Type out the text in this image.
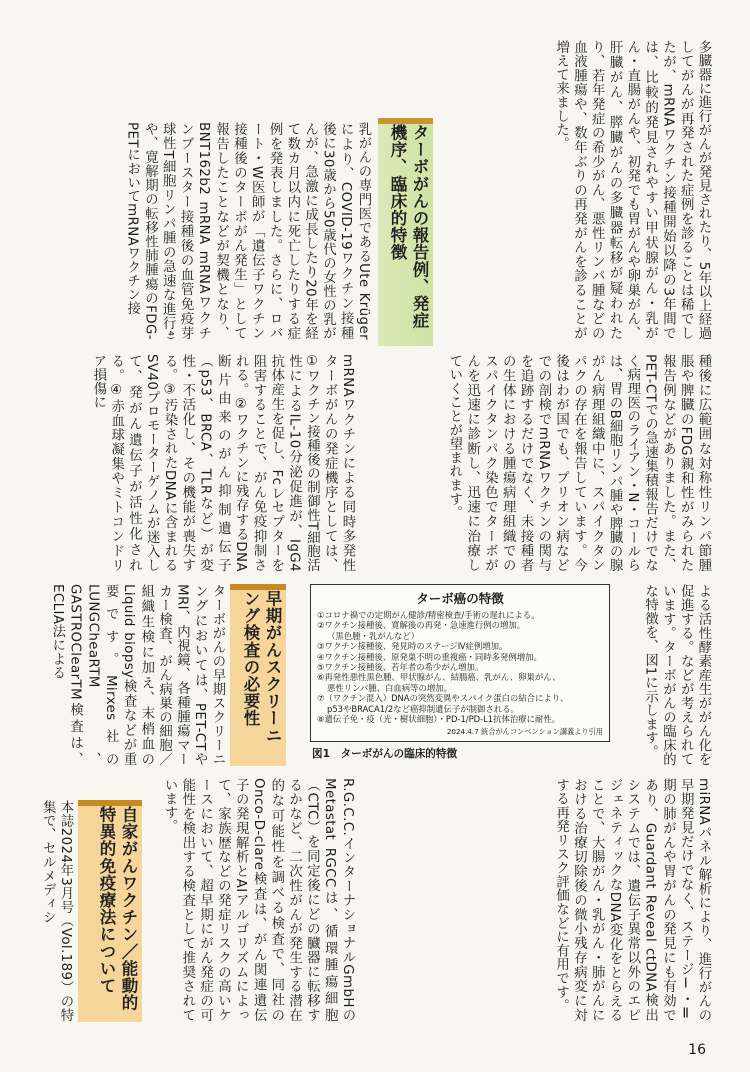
多臓器に進行がんが発見されたり、5年以上経過してがんが再発された症例を診ることは稀でしたが、mRNAワクチン接種開始以降の3年間では、比較的発見されやすい甲状腺がん・乳がん・直腸がんや、初発でも胃がんや卵巣がん、肝臓がん、膵臓がんの多臓器転移が疑われたり、若年発症の希少がん、悪性リンパ腫などの血液腫瘍や、数年ぶりの再発がんを診ることが増えて来ました。

ターボがんの報告例、発症機序、臨床的特徴

乳がんの専門医であるUte Krügerにより、COVID-19ワクチン接種後に30歳から50歳代の女性の乳がんが、急激に成長したり20年を経て数カ月以内に死亡したりする症例を発表しました。さらに、ロバート・W医師が「遺伝子ワクチン接種後のターボがん発生」として報告したことなどが契機となり、BNT162b2 mRNA mRNAワクチンブースター接種後の血管免疫芽球性T細胞リンパ腫の急速な進行⁴⁾や、寛解期の転移性肺腫瘍のFDG-PETにおいてmRNAワクチン接

種後に広範囲な対称性リンパ節腫脹や脾臓のFDG親和性がみられた報告例などがありました。また、PET-CTでの急速集積報告だけでなく病理医のライアン・N・コールらは、胃のB細胞リンパ腫や脾臓の腺がん病理組織中に、スパイクタンパクの存在を報告しています。今後はわが国でも、プリオン病などでの剖検でmRNAワクチンの関与を追跡するだけでなく、未接種者の生体における腫瘍病理組織でのスパイクタンパク染色でターボがんを迅速に診断し、迅速に治療していくことが望まれます。

mRNAワクチンによる同時多発性ターボがんの発症機序としては、①ワクチン接種後の制御性T細胞活性によるIL-10分泌促進が、IgG4抗体産生を促し、Fcレセプターを阻害することで、がん免疫抑制される。②ワクチンに残存するDNA断片由来のがん抑制遺伝子（p53、BRCA、TLRなど）が変性・不活化し、その機能が喪失する。③汚染されたDNAに含まれるSV40プロモーターゲノムが迷入して、発がん遺伝子が活性化される。④赤血球凝集やミトコンドリア損傷に

よる活性酵素産生ががん化を促進する。などが考えられています。ターボがんの臨床的な特徴を、図1に示します。

ターボ癌の特徴
①コロナ禍での定期がん健診/精密検査/手術の遅れによる。
②ワクチン接種後、寛解後の再発・急速進行例の増加。
（黒色腫・乳がんなど）
③ワクチン接種後、発見時のステージⅣ症例増加。
④ワクチン接種後、原発巣不明の重複癌・同時多発例増加。
⑤ワクチン接種後、若年者の希少がん増加。
⑥再発性悪性黒色腫、甲状腺がん、結腸癌、乳がん、卵巣がん、
悪性リンパ腫、白血病等の増加。
⑦（ワクチン混入）DNAの突然変異やスパイク蛋白の結合により、
p53やBRACA1/2など癌抑制遺伝子が制御される。
⑧遺伝子免・疫（光・樹状細胞）・PD-1/PD-L1抗体治療に耐性。
2024.4.7 統合がんコンベンション講義より引用
図1　ターボがんの臨床的特徴

ターボがんの早期スクリーニングにおいては、PET-CTやMRI、内視鏡、各種腫瘍マーカー検査、がん病巣の細胞／組織生検に加え、末梢血のLiquid biopsy検査などが重要です。Mirxes社のLUNGCheaRTM、GASTROClearTM検査は、ECLIA法による	早期がんスクリーニング検査の必要性

miRNAパネル解析により、進行がんの早期発見だけでなく、ステージⅠ・Ⅱ期の肺がんや胃がんの発見にも有効であり、Guardant Reveal ctDNA検出システムでは、遺伝子異常以外のエピジェネティックなDNA変化をとらえることで、大腸がん・乳がん・肺がんにおける治療切除後の微小残存病変に対する再発リスク評価などに有用です。

R.G.C.C.インターナショナルGmbHのMetastat RGCCは、循環腫瘍細胞（CTC）を同定後にどの臓器に転移するかなど、二次性がんが発生する潜在的な可能性を調べる検査で、同社のOnco-D-clare検査は、がん関連遺伝子の発現解析とAIアルゴリズムによって、家族歴などの発症リスクの高いケースにおいて、超早期にがん発症の可能性を検出する検査として推奨されています。

自家がんワクチン／能動的特異的免疫療法について

本誌2024年3月号（Vol.189）の特集で、セルメディシ

16
